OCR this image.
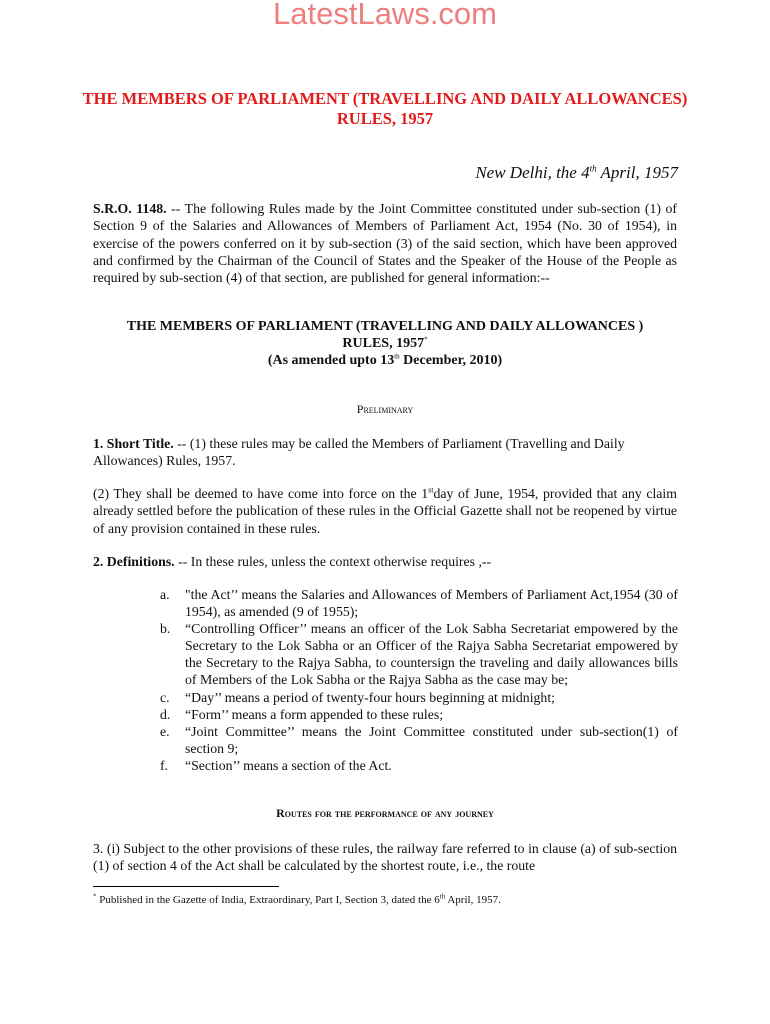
LatestLaws.com
THE MEMBERS OF PARLIAMENT (TRAVELLING AND DAILY ALLOWANCES) RULES, 1957
New Delhi, the 4th April, 1957
S.R.O. 1148. -- The following Rules made by the Joint Committee constituted under sub-section (1) of Section 9 of the Salaries and Allowances of Members of Parliament Act, 1954 (No. 30 of 1954), in exercise of the powers conferred on it by sub-section (3) of the said section, which have been approved and confirmed by the Chairman of the Council of States and the Speaker of the House of the People as required by sub-section (4) of that section, are published for general information:--
THE MEMBERS OF PARLIAMENT (TRAVELLING AND DAILY ALLOWANCES )
RULES, 1957*
(As amended upto 13th December, 2010)
Preliminary
1. Short Title. -- (1) these rules may be called the Members of Parliament (Travelling and Daily Allowances) Rules, 1957.
(2) They shall be deemed to have come into force on the 1stday of June, 1954, provided that any claim already settled before the publication of these rules in the Official Gazette shall not be reopened by virtue of any provision contained in these rules.
2. Definitions. -- In these rules, unless the context otherwise requires ,--
a. "the Act’’ means the Salaries and Allowances of Members of Parliament Act,1954 (30 of 1954), as amended (9 of 1955);
b. “Controlling Officer’’ means an officer of the Lok Sabha Secretariat empowered by the Secretary to the Lok Sabha or an Officer of the Rajya Sabha Secretariat empowered by the Secretary to the Rajya Sabha, to countersign the traveling and daily allowances bills of Members of the Lok Sabha or the Rajya Sabha as the case may be;
c. “Day’’ means a period of twenty-four hours beginning at midnight;
d. “Form’’ means a form appended to these rules;
e. “Joint Committee’’ means the Joint Committee constituted under sub-section(1) of section 9;
f. “Section’’ means a section of the Act.
Routes for the performance of any journey
3. (i) Subject to the other provisions of these rules, the railway fare referred to in clause (a) of sub-section (1) of section 4 of the Act shall be calculated by the shortest route, i.e., the route
* Published in the Gazette of India, Extraordinary, Part I, Section 3, dated the 6th April, 1957.
